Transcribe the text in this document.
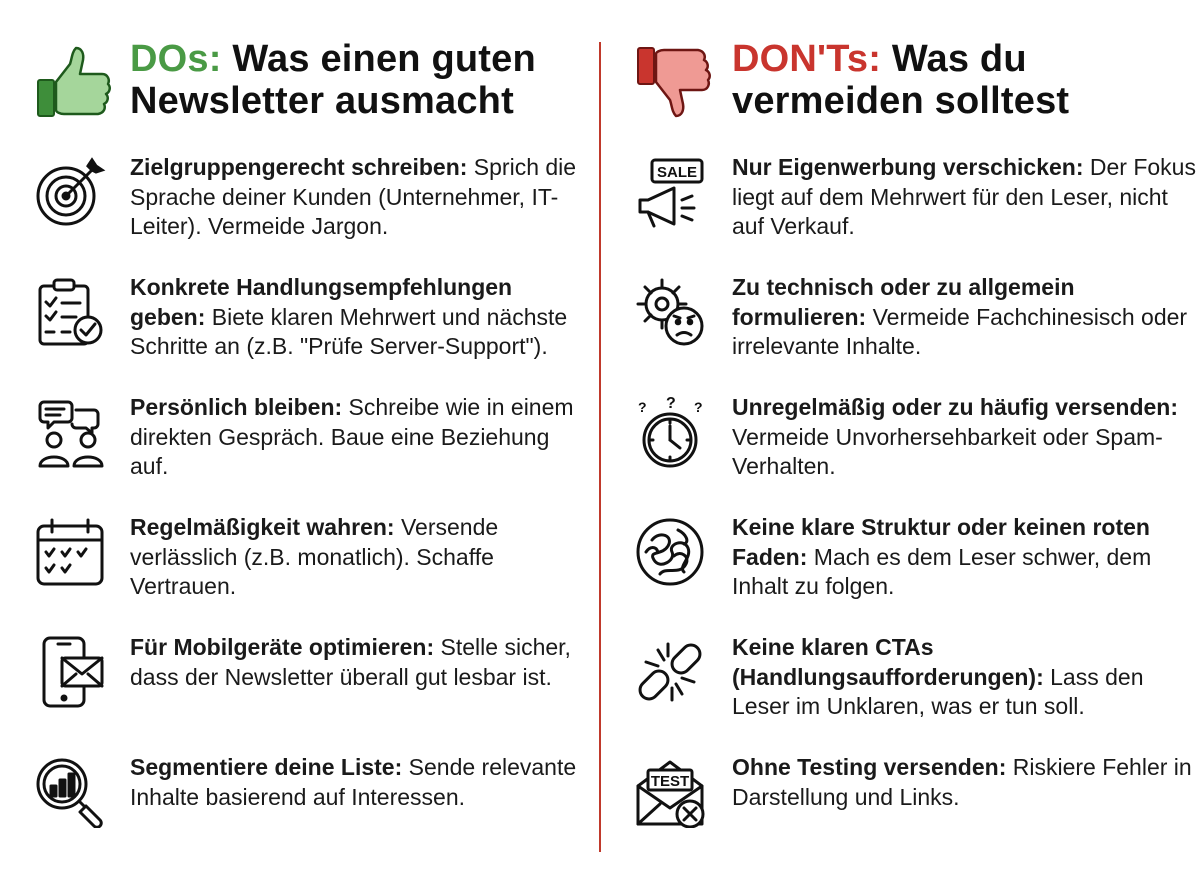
DOs: Was einen guten Newsletter ausmacht

Zielgruppengerecht schreiben: Sprich die Sprache deiner Kunden (Unternehmer, IT-Leiter). Vermeide Jargon.

Konkrete Handlungsempfehlungen geben: Biete klaren Mehrwert und nächste Schritte an (z.B. "Prüfe Server-Support").

Persönlich bleiben: Schreibe wie in einem direkten Gespräch. Baue eine Beziehung auf.

Regelmäßigkeit wahren: Versende verlässlich (z.B. monatlich). Schaffe Vertrauen.

Für Mobilgeräte optimieren: Stelle sicher, dass der Newsletter überall gut lesbar ist.

Segmentiere deine Liste: Sende relevante Inhalte basierend auf Interessen.

DON'Ts: Was du vermeiden solltest
SALE Nur Eigenwerbung verschicken: Der Fokus liegt auf dem Mehrwert für den Leser, nicht auf Verkauf.

Zu technisch oder zu allgemein formulieren: Vermeide Fachchinesisch oder irrelevante Inhalte.

? ? ? Unregelmäßig oder zu häufig versenden: Vermeide Unvorhersehbarkeit oder Spam-Verhalten.

Keine klare Struktur oder keinen roten Faden: Mach es dem Leser schwer, dem Inhalt zu folgen.

Keine klaren CTAs (Handlungsaufforderungen): Lass den Leser im Unklaren, was er tun soll.

TEST

Ohne Testing versenden: Riskiere Fehler in Darstellung und Links.
